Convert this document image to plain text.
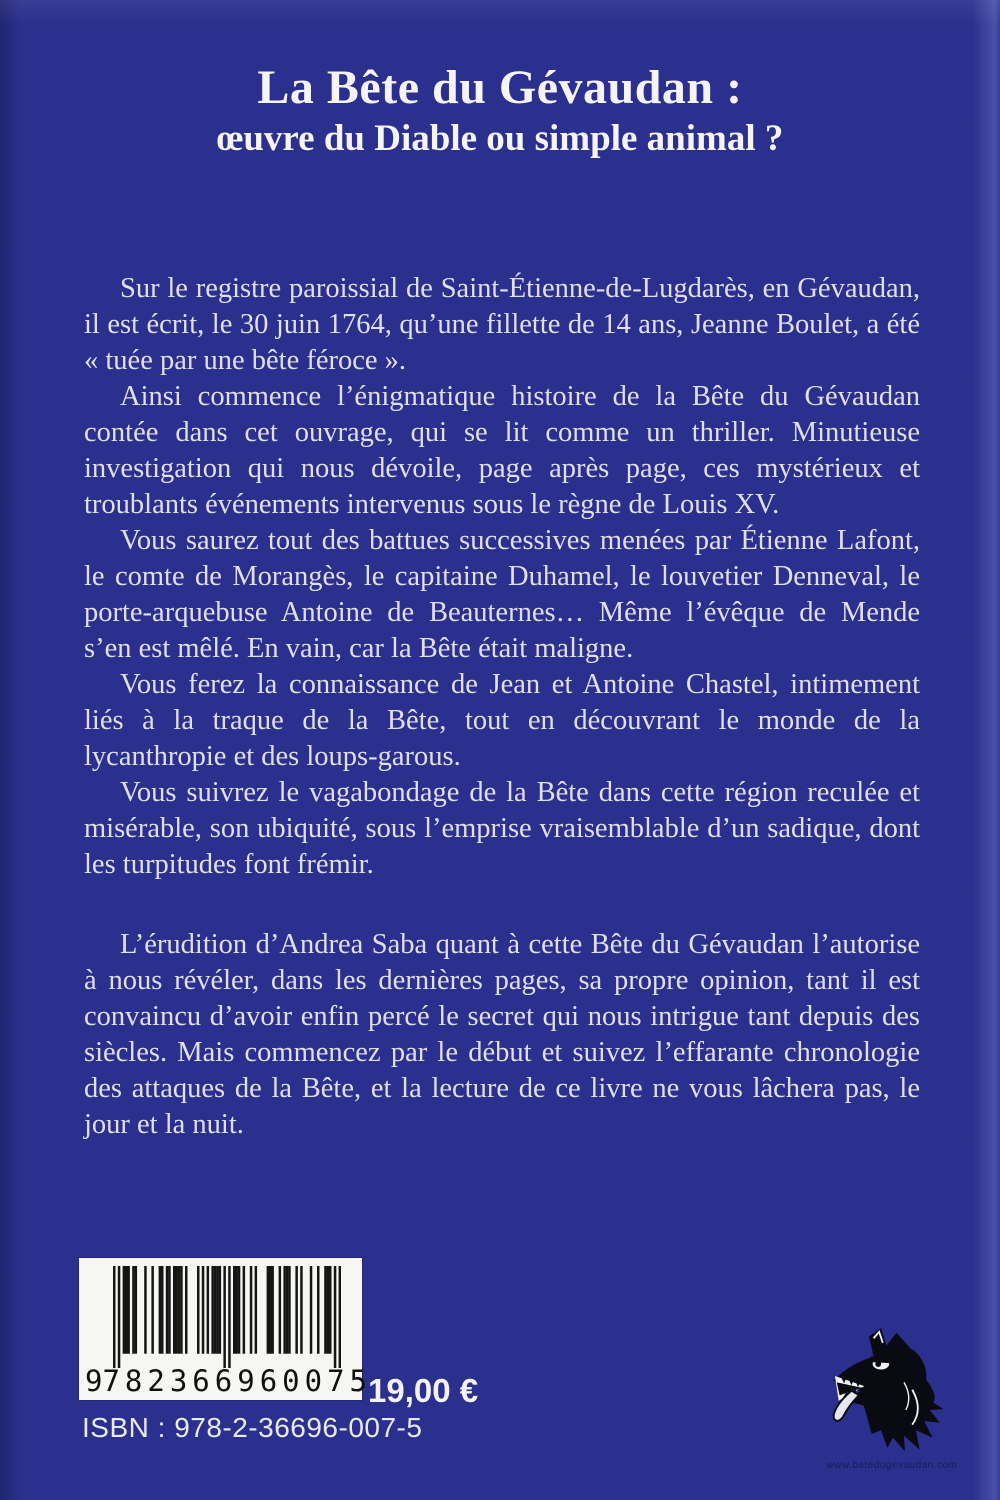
La Bête du Gévaudan :
œuvre du Diable ou simple animal ?

Sur le registre paroissial de Saint-Étienne-de-Lugdarès, en Gévaudan, il est écrit, le 30 juin 1764, qu’une fillette de 14 ans, Jeanne Boulet, a été « tuée par une bête féroce ».

Ainsi commence l’énigmatique histoire de la Bête du Gévaudan contée dans cet ouvrage, qui se lit comme un thriller. Minutieuse investigation qui nous dévoile, page après page, ces mystérieux et troublants événements intervenus sous le règne de Louis XV.

Vous saurez tout des battues successives menées par Étienne Lafont, le comte de Morangès, le capitaine Duhamel, le louvetier Denneval, le porte-arquebuse Antoine de Beauternes… Même l’évêque de Mende s’en est mêlé. En vain, car la Bête était maligne.

Vous ferez la connaissance de Jean et Antoine Chastel, intimement liés à la traque de la Bête, tout en découvrant le monde de la lycanthropie et des loups-garous.

Vous suivrez le vagabondage de la Bête dans cette région reculée et misérable, son ubiquité, sous l’emprise vraisemblable d’un sadique, dont les turpitudes font frémir.

L’érudition d’Andrea Saba quant à cette Bête du Gévaudan l’autorise à nous révéler, dans les dernières pages, sa propre opinion, tant il est convaincu d’avoir enfin percé le secret qui nous intrigue tant depuis des siècles. Mais commencez par le début et suivez l’effarante chronologie des attaques de la Bête, et la lecture de ce livre ne vous lâchera pas, le jour et la nuit.

9 782366 960075
19,00 €
ISBN : 978-2-36696-007-5
www.betedugevaudan.com
